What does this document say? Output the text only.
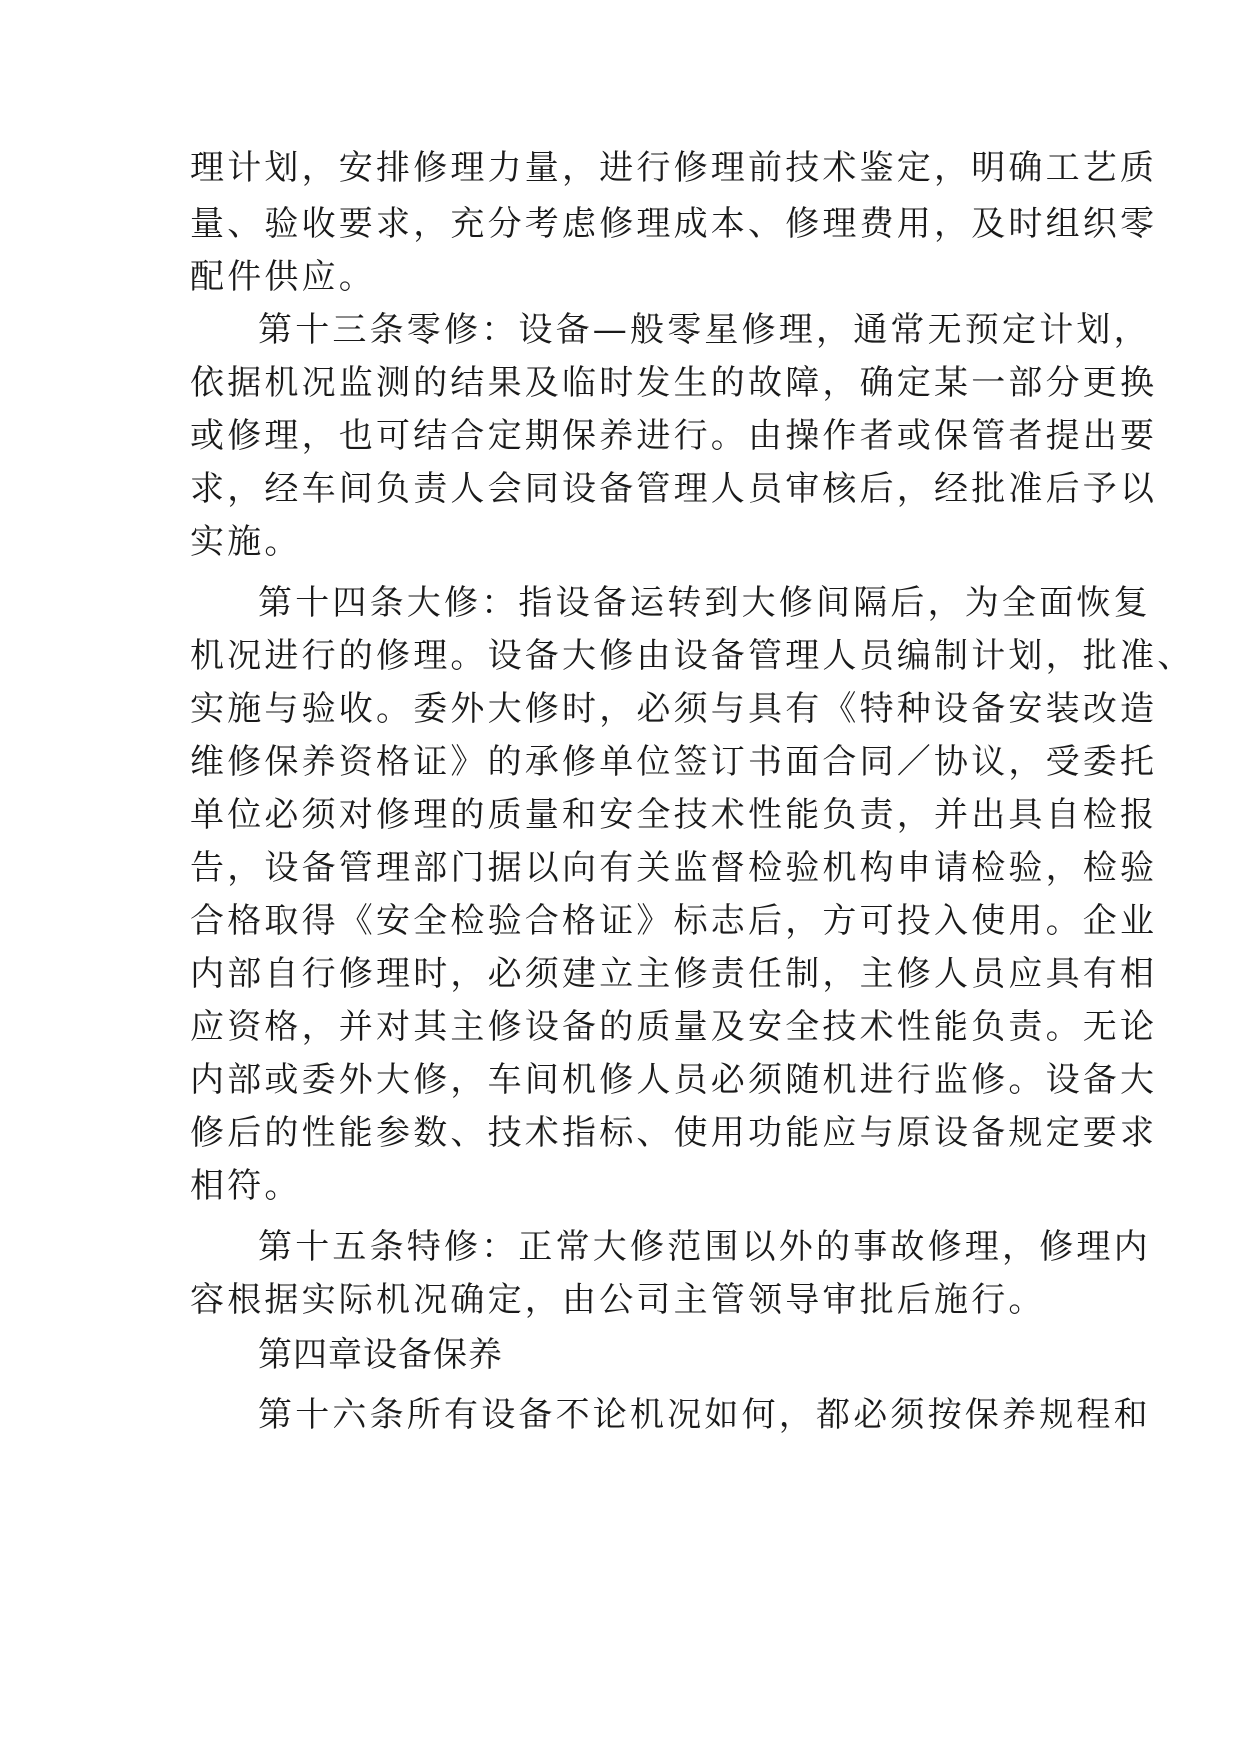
理计划，安排修理力量，进行修理前技术鉴定，明确工艺质
量、验收要求，充分考虑修理成本、修理费用，及时组织零
配件供应。
第十三条零修：设备—般零星修理，通常无预定计划，
依据机况监测的结果及临时发生的故障，确定某一部分更换
或修理，也可结合定期保养进行。由操作者或保管者提出要
求，经车间负责人会同设备管理人员审核后，经批准后予以
实施。
第十四条大修：指设备运转到大修间隔后，为全面恢复
机况进行的修理。设备大修由设备管理人员编制计划，批准、
实施与验收。委外大修时，必须与具有《特种设备安装改造
维修保养资格证》的承修单位签订书面合同／协议，受委托
单位必须对修理的质量和安全技术性能负责，并出具自检报
告，设备管理部门据以向有关监督检验机构申请检验，检验
合格取得《安全检验合格证》标志后，方可投入使用。企业
内部自行修理时，必须建立主修责任制，主修人员应具有相
应资格，并对其主修设备的质量及安全技术性能负责。无论
内部或委外大修，车间机修人员必须随机进行监修。设备大
修后的性能参数、技术指标、使用功能应与原设备规定要求
相符。
第十五条特修：正常大修范围以外的事故修理，修理内
容根据实际机况确定，由公司主管领导审批后施行。
第四章设备保养
第十六条所有设备不论机况如何，都必须按保养规程和
